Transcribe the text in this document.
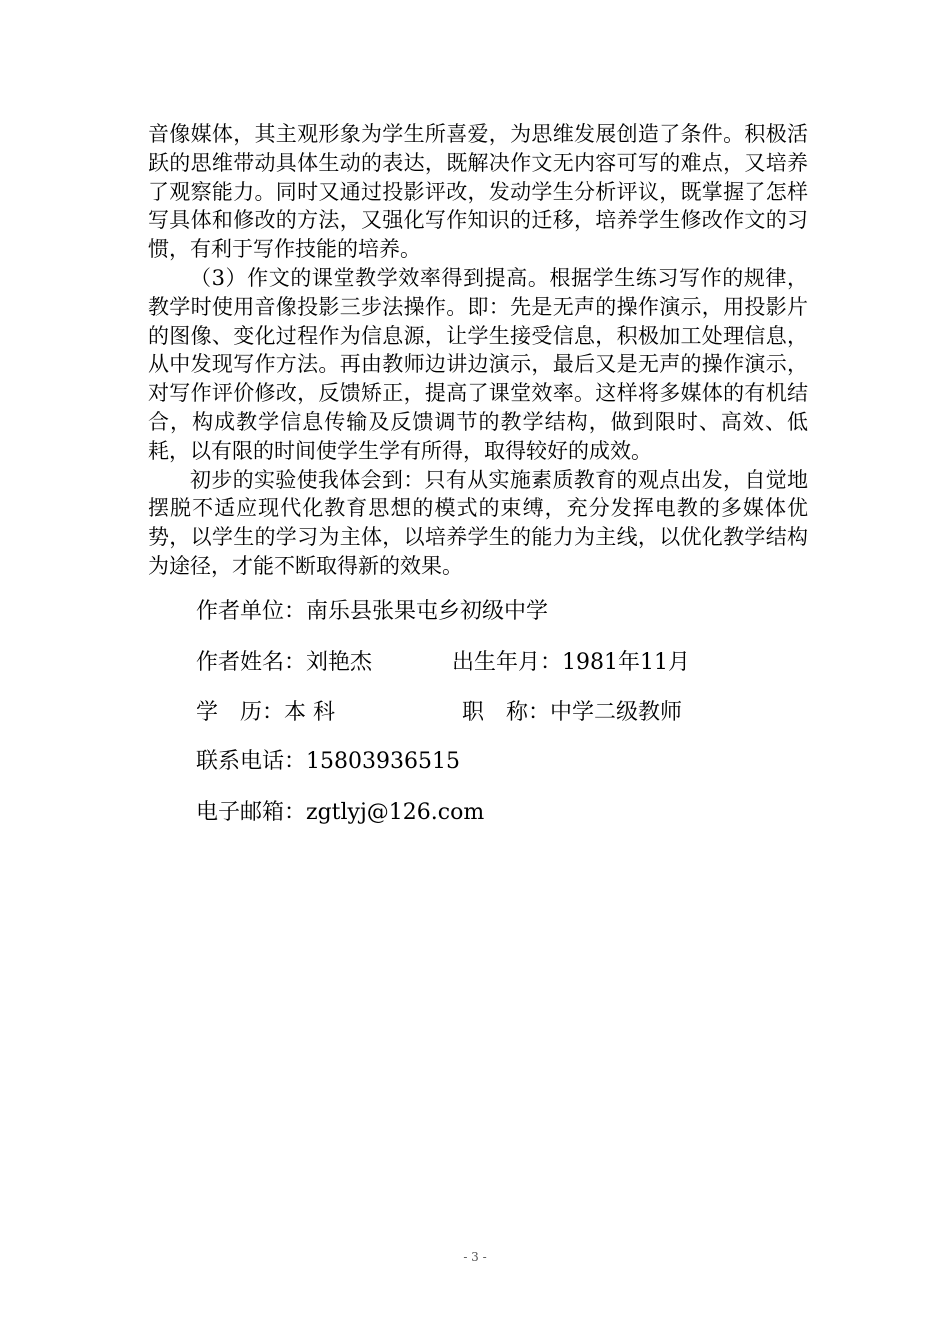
音像媒体，其主观形象为学生所喜爱，为思维发展创造了条件。积极活跃的思维带动具体生动的表达，既解决作文无内容可写的难点，又培养了观察能力。同时又通过投影评改，发动学生分析评议，既掌握了怎样写具体和修改的方法，又强化写作知识的迁移，培养学生修改作文的习惯，有利于写作技能的培养。

（3）作文的课堂教学效率得到提高。根据学生练习写作的规律，教学时使用音像投影三步法操作。即：先是无声的操作演示，用投影片的图像、变化过程作为信息源，让学生接受信息，积极加工处理信息，从中发现写作方法。再由教师边讲边演示，最后又是无声的操作演示，对写作评价修改，反馈矫正，提高了课堂效率。这样将多媒体的有机结合，构成教学信息传输及反馈调节的教学结构，做到限时、高效、低耗，以有限的时间使学生学有所得，取得较好的成效。

初步的实验使我体会到：只有从实施素质教育的观点出发，自觉地摆脱不适应现代化教育思想的模式的束缚，充分发挥电教的多媒体优势，以学生的学习为主体，以培养学生的能力为主线，以优化教学结构为途径，才能不断取得新的效果。

作者单位：南乐县张果屯乡初级中学
作者姓名：刘艳杰	出生年月：1981年11月
学　历：本 科	职　称：中学二级教师
联系电话：15803936515
电子邮箱：zgtlyj@126.com
- 3 -
